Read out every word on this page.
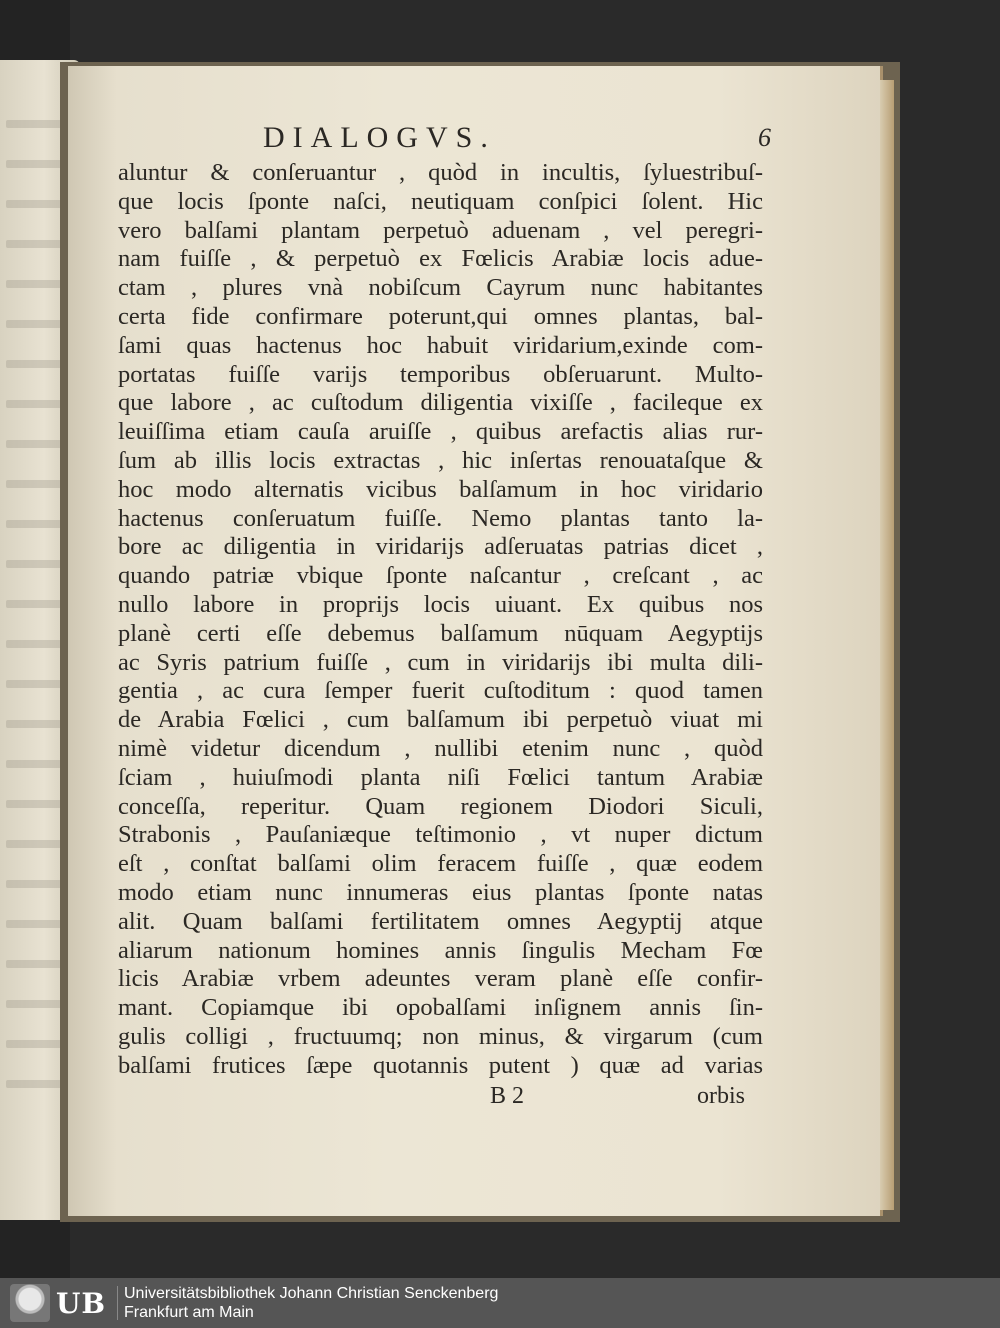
DIALOGVS.	6
aluntur & conſeruantur , quòd in incultis, ſyluestribuſ-
que locis ſponte naſci, neutiquam conſpici ſolent. Hic
vero balſami plantam perpetuò aduenam , vel peregri-
nam fuiſſe , & perpetuò ex Fœlicis Arabiæ locis adue-
ctam , plures vnà nobiſcum Cayrum nunc habitantes
certa fide confirmare poterunt,qui omnes plantas, bal-
ſami quas hactenus hoc habuit viridarium,exinde com-
portatas fuiſſe varijs temporibus obſeruarunt. Multo-
que labore , ac cuſtodum diligentia vixiſſe , facileque ex
leuiſſima etiam cauſa aruiſſe , quibus arefactis alias rur-
ſum ab illis locis extractas , hic inſertas renouataſque &
hoc modo alternatis vicibus balſamum in hoc viridario
hactenus conſeruatum fuiſſe. Nemo plantas tanto la-
bore ac diligentia in viridarijs adſeruatas patrias dicet ,
quando patriæ vbique ſponte naſcantur , creſcant , ac
nullo labore in proprijs locis uiuant. Ex quibus nos
planè certi eſſe debemus balſamum nūquam Aegyptijs
ac Syris patrium fuiſſe , cum in viridarijs ibi multa dili-
gentia , ac cura ſemper fuerit cuſtoditum : quod tamen
de Arabia Fœlici , cum balſamum ibi perpetuò viuat mi
nimè videtur dicendum , nullibi etenim nunc , quòd
ſciam , huiuſmodi planta niſi Fœlici tantum Arabiæ
conceſſa, reperitur. Quam regionem Diodori Siculi,
Strabonis , Pauſaniæque teſtimonio , vt nuper dictum
eſt , conſtat balſami olim feracem fuiſſe , quæ eodem
modo etiam nunc innumeras eius plantas ſponte natas
alit. Quam balſami fertilitatem omnes Aegyptij atque
aliarum nationum homines annis ſingulis Mecham Fœ
licis Arabiæ vrbem adeuntes veram planè eſſe confir-
mant. Copiamque ibi opobalſami inſignem annis ſin-
gulis colligi , fructuumq; non minus, & virgarum (cum
balſami frutices ſæpe quotannis putent ) quæ ad varias
B 2	orbis
UB Universitätsbibliothek Johann Christian Senckenberg
Frankfurt am Main
